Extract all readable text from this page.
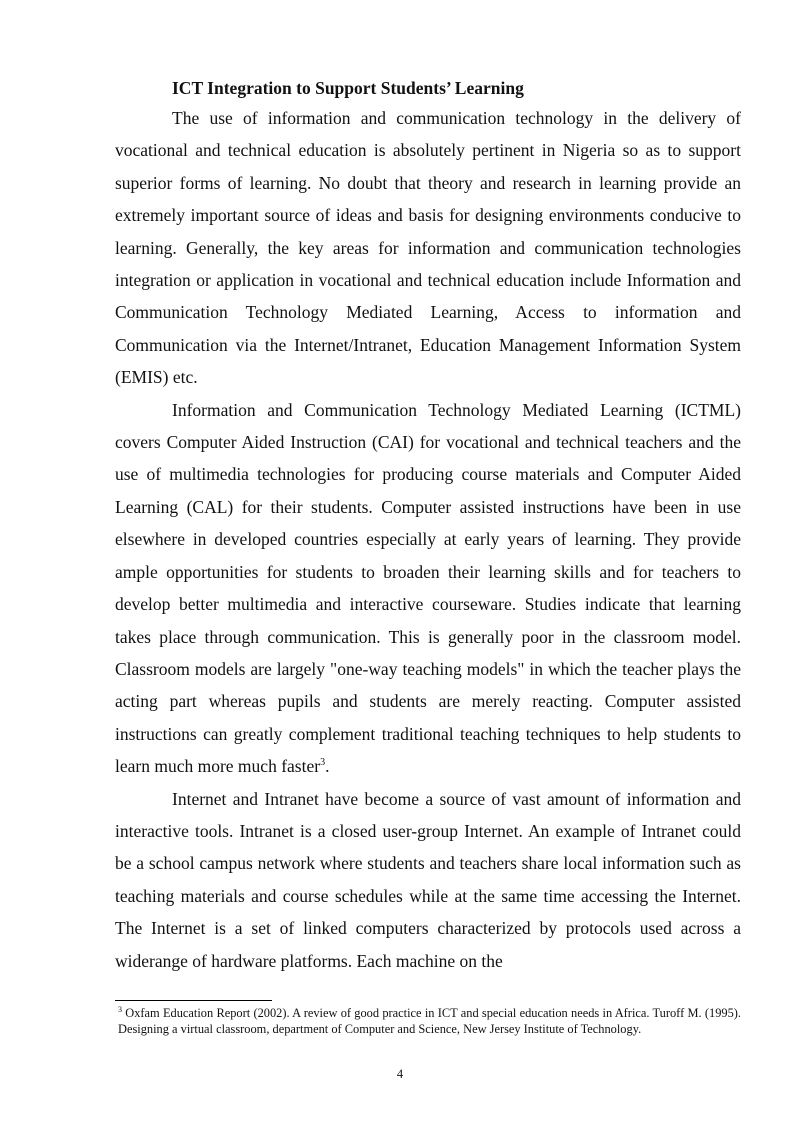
ICT Integration to Support Students’ Learning

The use of information and communication technology in the delivery of vocational and technical education is absolutely pertinent in Nigeria so as to support superior forms of learning. No doubt that theory and research in learning provide an extremely important source of ideas and basis for designing environments conducive to learning. Generally, the key areas for information and communication technologies integration or application in vocational and technical education include Information and Communication Technology Mediated Learning, Access to information and Communication via the Internet/Intranet, Education Management Information System (EMIS) etc.

Information and Communication Technology Mediated Learning (ICTML) covers Computer Aided Instruction (CAI) for vocational and technical teachers and the use of multimedia technologies for producing course materials and Computer Aided Learning (CAL) for their students. Computer assisted instructions have been in use elsewhere in developed countries especially at early years of learning. They provide ample opportunities for students to broaden their learning skills and for teachers to develop better multimedia and interactive courseware. Studies indicate that learning takes place through communication. This is generally poor in the classroom model. Classroom models are largely "one-way teaching models" in which the teacher plays the acting part whereas pupils and students are merely reacting. Computer assisted instructions can greatly complement traditional teaching techniques to help students to learn much more much faster$^3$.

Internet and Intranet have become a source of vast amount of information and interactive tools. Intranet is a closed user-group Internet. An example of Intranet could be a school campus network where students and teachers share local information such as teaching materials and course schedules while at the same time accessing the Internet. The Internet is a set of linked computers characterized by protocols used across a widerange of hardware platforms. Each machine on the

$^3$ Oxfam Education Report (2002). A review of good practice in ICT and special education needs in Africa. Turoff M. (1995). Designing a virtual classroom, department of Computer and Science, New Jersey Institute of Technology.

4
